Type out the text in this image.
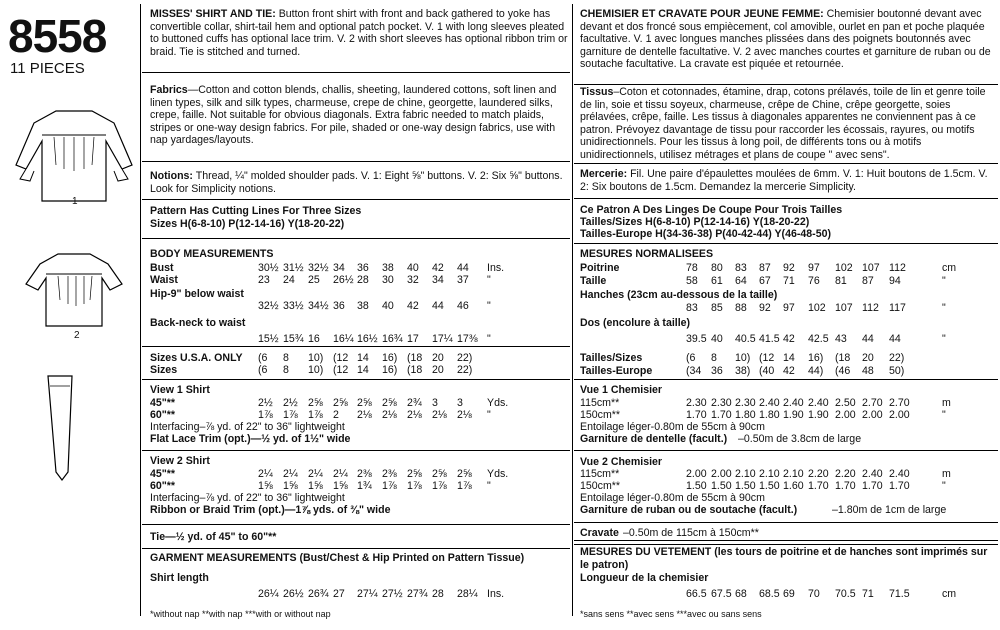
8558
11 PIECES
1
2
MISSES' SHIRT AND TIE: Button front shirt with front and back gathered to yoke has convertible collar, shirt-tail hem and optional patch pocket. V. 1 with long sleeves pleated to buttoned cuffs has optional lace trim. V. 2 with short sleeves has optional ribbon trim or braid. Tie is stitched and turned.
Fabrics—Cotton and cotton blends, challis, sheeting, laundered cottons, soft linen and linen types, silk and silk types, charmeuse, crepe de chine, georgette, laundered silks, crepe, faille. Not suitable for obvious diagonals. Extra fabric needed to match plaids, stripes or one-way design fabrics. For pile, shaded or one-way design fabrics, use with nap yardages/layouts.
Notions: Thread, ¼" molded shoulder pads. V. 1: Eight ⅝" buttons. V. 2: Six ⅝" buttons. Look for Simplicity notions.
Pattern Has Cutting Lines For Three Sizes
Sizes H(6-8-10) P(12-14-16) Y(18-20-22)
BODY MEASUREMENTS
Bust	30½ 31½ 32½ 34 36 38 40 42 44 Ins.
Waist	23 24 25 26½ 28 30 32 34 37 "
Hip-9" below waist
32½ 33½ 34½ 36 38 40 42 44 46 "
Back-neck to waist
15½ 15¾ 16 16¼ 16½ 16¾ 17 17¼ 17⅜ "
Sizes U.S.A. ONLY (6 8 10) (12 14 16) (18 20 22)
Sizes	(6 8 10) (12 14 16) (18 20 22)
View 1 Shirt
45"**	2½ 2½ 2⅝ 2⅝ 2⅝ 2⅝ 2¾ 3 3 Yds.
60"**	1⅞ 1⅞ 1⅞ 2 2⅛ 2⅛ 2⅛ 2⅛ 2⅛ "
Interfacing–⅞ yd. of 22" to 36" lightweight
Flat Lace Trim (opt.)—½ yd. of 1½" wide
View 2 Shirt
45"**	2¼ 2¼ 2¼ 2¼ 2⅜ 2⅜ 2⅝ 2⅝ 2⅝ Yds.
60"**	1⅝ 1⅝ 1⅝ 1⅝ 1¾ 1⅞ 1⅞ 1⅞ 1⅞ "
Interfacing–⅞ yd. of 22" to 36" lightweight
Ribbon or Braid Trim (opt.)—1⅞ yds. of ⅜" wide
Tie—½ yd. of 45" to 60"**
Shirt length
26¼ 26½ 26¾ 27 27¼ 27½ 27¾ 28 28¼ Ins.
GARMENT MEASUREMENTS (Bust/Chest & Hip Printed on Pattern Tissue)
*without nap **with nap ***with or without nap
CHEMISIER ET CRAVATE POUR JEUNE FEMME: Chemisier boutonné devant avec devant et dos froncé sous empiècement, col amovible, ourlet en pan et poche plaquée facultative. V. 1 avec longues manches plissées dans des poignets boutonnés avec garniture de dentelle facultative. V. 2 avec manches courtes et garniture de ruban ou de soutache facultative. La cravate est piquée et retournée.
Tissus–Coton et cotonnades, étamine, drap, cotons prélavés, toile de lin et genre toile de lin, soie et tissu soyeux, charmeuse, crêpe de Chine, crêpe georgette, soies prélavées, crêpe, faille. Les tissus à diagonales apparentes ne conviennent pas à ce patron. Prévoyez davantage de tissu pour raccorder les écossais, rayures, ou motifs unidirectionnels. Pour les tissus à long poil, de différents tons ou à motifs unidirectionnels, utilisez métrages et plans de coupe " avec sens".
Mercerie: Fil. Une paire d'épaulettes moulées de 6mm. V. 1: Huit boutons de 1.5cm. V. 2: Six boutons de 1.5cm. Demandez la mercerie Simplicity.
Ce Patron A Des Linges De Coupe Pour Trois Tailles
Tailles/Sizes H(6-8-10) P(12-14-16) Y(18-20-22)
Tailles-Europe H(34-36-38) P(40-42-44) Y(46-48-50)
MESURES NORMALISEES
Poitrine	78 80 83 87 92 97 102 107 112	cm
Taille	58 61 64 67 71 76 81 87 94	"
Hanches (23cm au-dessous de la taille)
83 85 88 92 97 102 107 112 117	"
Dos (encolure à taille)
39.5 40 40.5 41.5 42 42.5 43 44 44	"
Tailles/Sizes	(6 8 10) (12 14 16) (18 20 22)
Tailles-Europe	(34 36 38) (40 42 44) (46 48 50)
Vue 1 Chemisier
115cm**	2.30 2.30 2.30 2.40 2.40 2.40 2.50 2.70 2.70	m
150cm**	1.70 1.70 1.80 1.80 1.90 1.90 2.00 2.00 2.00	"
Entoilage léger-0.80m de 55cm à 90cm
Garniture de dentelle (facult.) –0.50m de 3.8cm de large
Vue 2 Chemisier
115cm**	2.00 2.00 2.10 2.10 2.10 2.20 2.20 2.40 2.40	m
150cm**	1.50 1.50 1.50 1.50 1.60 1.70 1.70 1.70 1.70	"
Entoilage léger-0.80m de 55cm à 90cm
Garniture de ruban ou de soutache (facult.)	–1.80m de 1cm de large
Cravate –0.50m de 115cm à 150cm**
Longueur de la chemisier
66.5 67.5 68 68.5 69 70 70.5 71 71.5	cm
MESURES DU VETEMENT (les tours de poitrine et de hanches sont imprimés sur le patron)
*sans sens **avec sens ***avec ou sans sens
